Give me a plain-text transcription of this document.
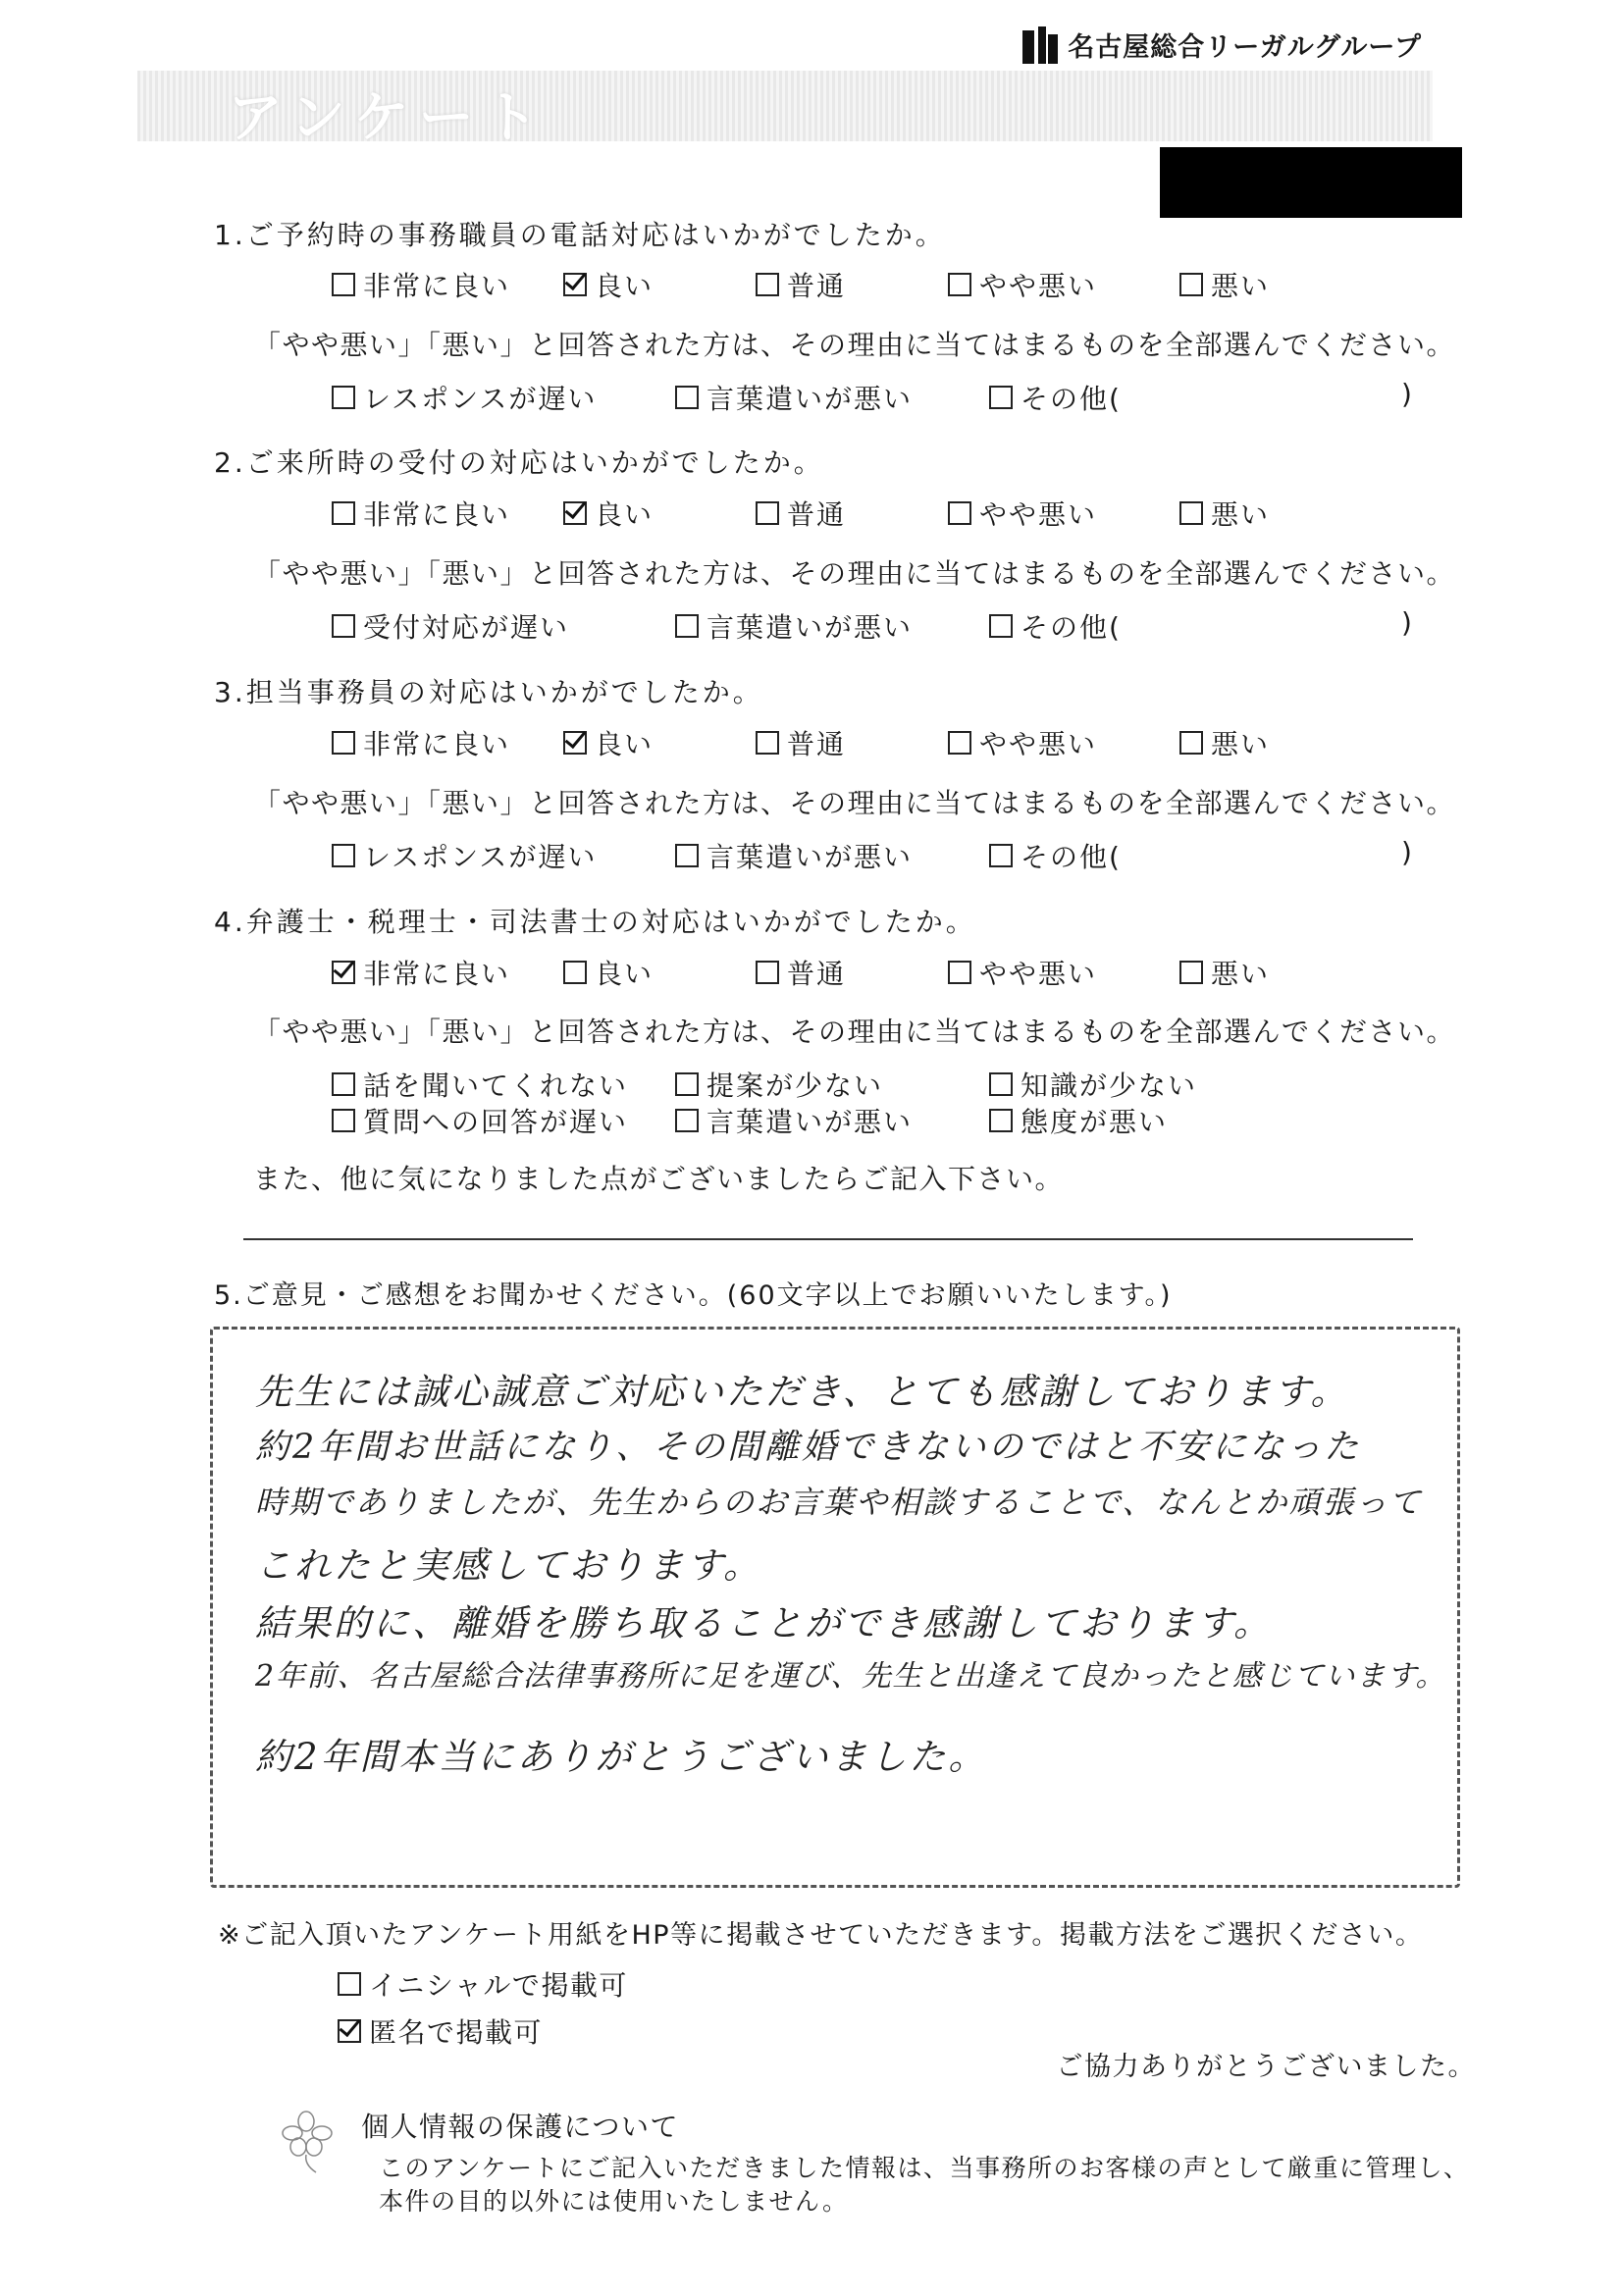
名古屋総合リーガルグループ
アンケート
1.ご予約時の事務職員の電話対応はいかがでしたか。
非常に良い	良い	普通	やや悪い	悪い
「やや悪い」「悪い」と回答された方は、その理由に当てはまるものを全部選んでください。
レスポンスが遅い	言葉遣いが悪い	その他(	)
2.ご来所時の受付の対応はいかがでしたか。
非常に良い	良い	普通	やや悪い	悪い
「やや悪い」「悪い」と回答された方は、その理由に当てはまるものを全部選んでください。
受付対応が遅い	言葉遣いが悪い	その他(	)
3.担当事務員の対応はいかがでしたか。
非常に良い	良い	普通	やや悪い	悪い
「やや悪い」「悪い」と回答された方は、その理由に当てはまるものを全部選んでください。
レスポンスが遅い	言葉遣いが悪い	その他(	)
4.弁護士・税理士・司法書士の対応はいかがでしたか。
非常に良い	良い	普通	やや悪い	悪い
「やや悪い」「悪い」と回答された方は、その理由に当てはまるものを全部選んでください。
話を聞いてくれない	提案が少ない	知識が少ない
質問への回答が遅い	言葉遣いが悪い	態度が悪い
また、他に気になりました点がございましたらご記入下さい。
5.ご意見・ご感想をお聞かせください。(60文字以上でお願いいたします。)
先生には誠心誠意ご対応いただき、とても感謝しております。
約2年間お世話になり、その間離婚できないのではと不安になった
時期でありましたが、先生からのお言葉や相談することで、なんとか頑張って
これたと実感しております。
結果的に、離婚を勝ち取ることができ感謝しております。
2年前、名古屋総合法律事務所に足を運び、先生と出逢えて良かったと感じています。
約2年間本当にありがとうございました。
※ご記入頂いたアンケート用紙をHP等に掲載させていただきます。掲載方法をご選択ください。
イニシャルで掲載可
匿名で掲載可
ご協力ありがとうございました。
個人情報の保護について
このアンケートにご記入いただきました情報は、当事務所のお客様の声として厳重に管理し、
本件の目的以外には使用いたしません。
